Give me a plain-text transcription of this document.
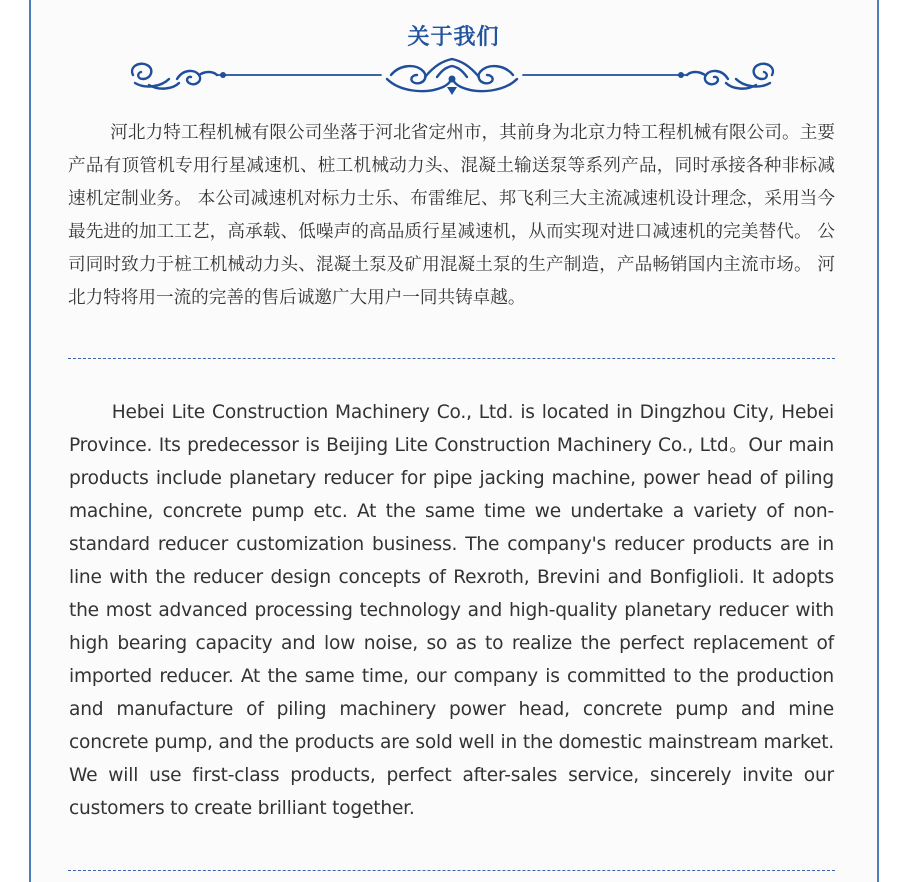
关于我们

河北力特工程机械有限公司坐落于河北省定州市，其前身为北京力特工程机械有限公司。主要产品有顶管机专用行星减速机、桩工机械动力头、混凝土输送泵等系列产品，同时承接各种非标减速机定制业务。 本公司减速机对标力士乐、布雷维尼、邦飞利三大主流减速机设计理念，采用当今最先进的加工工艺，高承载、低噪声的高品质行星减速机，从而实现对进口减速机的完美替代。 公司同时致力于桩工机械动力头、混凝土泵及矿用混凝土泵的生产制造，产品畅销国内主流市场。 河北力特将用一流的完善的售后诚邀广大用户一同共铸卓越。

Hebei Lite Construction Machinery Co., Ltd. is located in Dingzhou City, Hebei Province. Its predecessor is Beijing Lite Construction Machinery Co., Ltd。Our main products include planetary reducer for pipe jacking machine, power head of piling machine, concrete pump etc. At the same time we undertake a variety of non-standard reducer customization business. The company's reducer products are in line with the reducer design concepts of Rexroth, Brevini and Bonfiglioli. It adopts the most advanced processing technology and high-quality planetary reducer with high bearing capacity and low noise, so as to realize the perfect replacement of imported reducer. At the same time, our company is committed to the production and manufacture of piling machinery power head, concrete pump and mine concrete pump, and the products are sold well in the domestic mainstream market. We will use first-class products, perfect after-sales service, sincerely invite our customers to create brilliant together.
